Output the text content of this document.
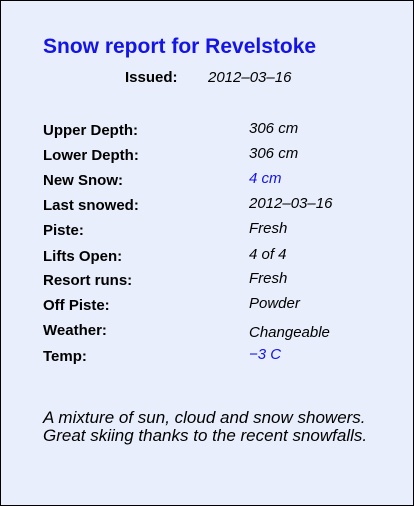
Snow report for Revelstoke
Issued: 2012–03–16
Upper Depth:	306 cm
Lower Depth:	306 cm
New Snow:	4 cm
Last snowed:	2012–03–16
Piste:	Fresh
Lifts Open:	4 of 4
Resort runs:	Fresh
Off Piste:	Powder
Weather:	Changeable
Temp:	−3 C
A mixture of sun, cloud and snow showers.
Great skiing thanks to the recent snowfalls.
